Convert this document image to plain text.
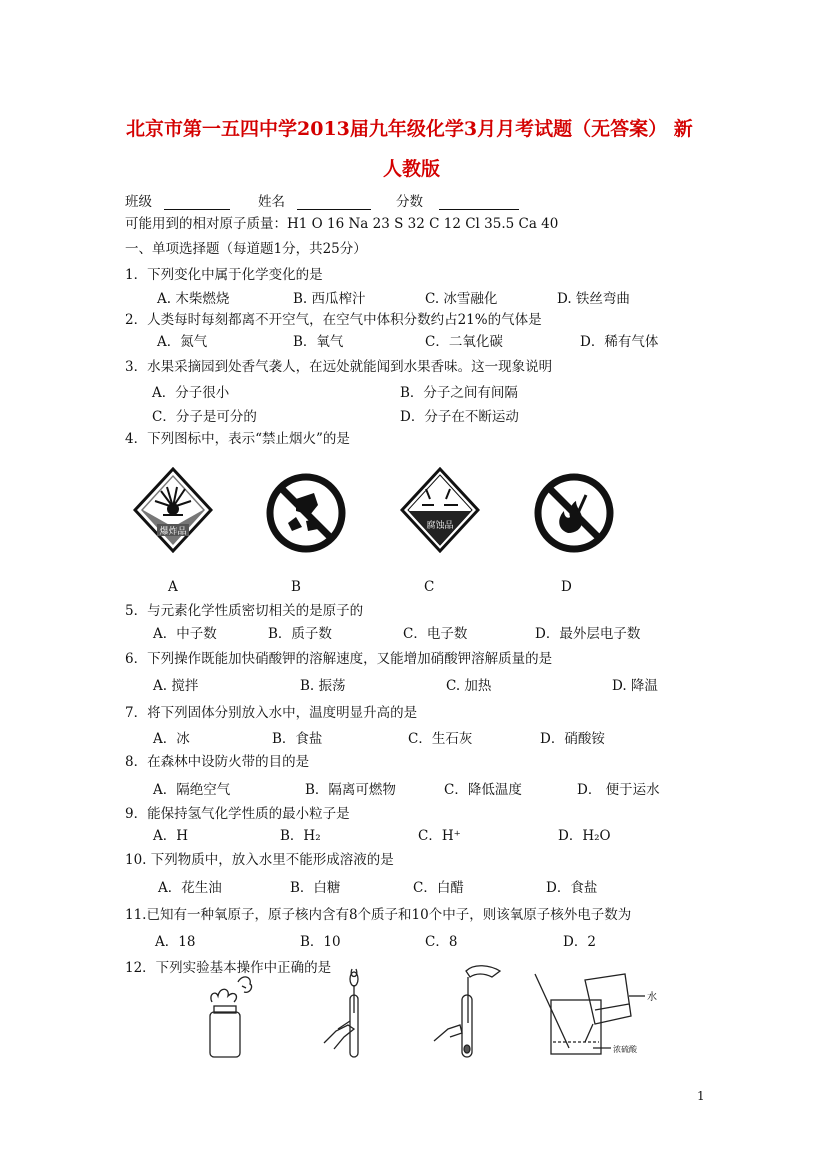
北京市第一五四中学2013届九年级化学3月月考试题（无答案） 新
人教版
班级	姓名	分数
可能用到的相对原子质量：H1 O 16 Na 23 S 32 C 12 Cl 35.5 Ca 40
一、单项选择题（每道题1分，共25分）
1．下列变化中属于化学变化的是
A. 木柴燃烧	B. 西瓜榨汁	C. 冰雪融化	D. 铁丝弯曲
2．人类每时每刻都离不开空气，在空气中体积分数约占21%的气体是
A．氮气	B．氧气	C．二氧化碳	D．稀有气体
3．水果采摘园到处香气袭人，在远处就能闻到水果香味。这一现象说明
A．分子很小	B．分子之间有间隔
C．分子是可分的	D．分子在不断运动
4．下列图标中，表示“禁止烟火”的是
爆炸品
腐蚀品
A	B	C	D
5．与元素化学性质密切相关的是原子的
A．中子数	B．质子数	C．电子数	D．最外层电子数
6．下列操作既能加快硝酸钾的溶解速度，又能增加硝酸钾溶解质量的是
A. 搅拌	B. 振荡	C. 加热	D. 降温
7．将下列固体分别放入水中，温度明显升高的是
A．冰	B．食盐	C．生石灰	D．硝酸铵
8．在森林中设防火带的目的是
A．隔绝空气	B．隔离可燃物	C．降低温度	D． 便于运水
9．能保持氢气化学性质的最小粒子是
A．H	B．H₂	C．H⁺	D．H₂O
10. 下列物质中，放入水里不能形成溶液的是
A．花生油	B．白糖	C．白醋	D．食盐
11.已知有一种氧原子，原子核内含有8个质子和10个中子，则该氧原子核外电子数为
A．18	B．10	C．8	D．2
12．下列实验基本操作中正确的是
水
浓硫酸
1
